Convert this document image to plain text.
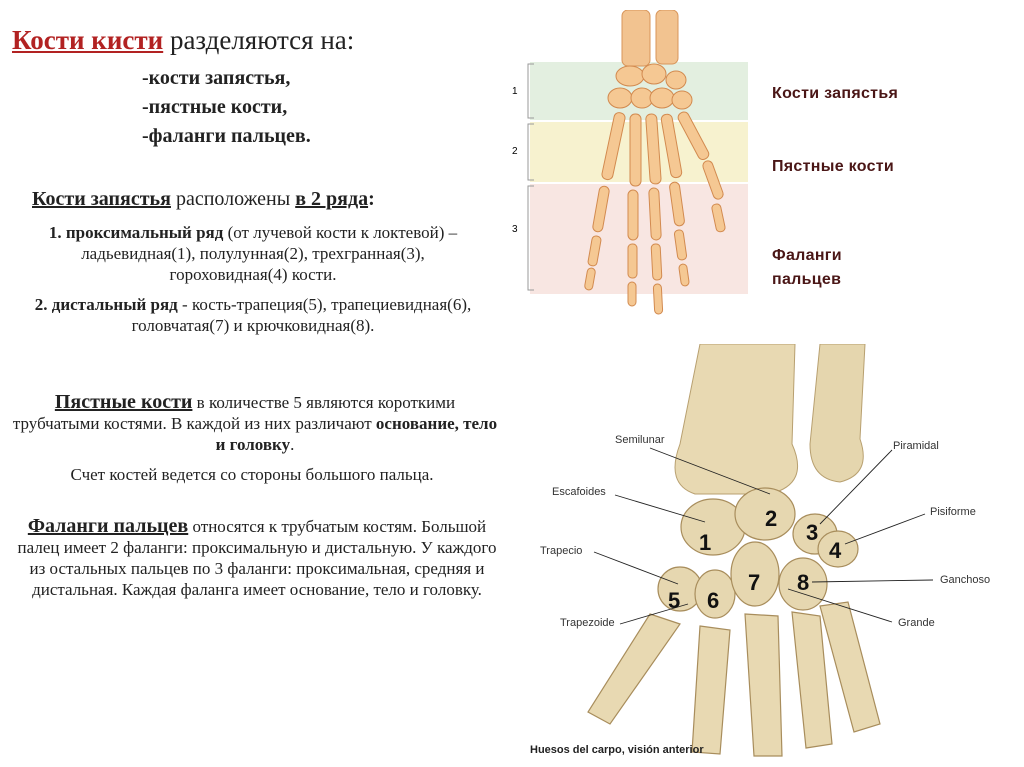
Кости кисти разделяются на:
-кости запястья,
-пястные кости,
-фаланги пальцев.
Кости запястья расположены в 2 ряда:
1. проксимальный ряд (от лучевой кости к локтевой) – ладьевидная(1), полулунная(2), трехгранная(3), гороховидная(4) кости.
2. дистальный ряд - кость-трапеция(5), трапециевидная(6), головчатая(7) и крючковидная(8).
Пястные кости в количестве 5 являются короткими трубчатыми костями. В каждой из них различают основание, тело и головку.
Счет костей ведется со стороны большого пальца.
Фаланги пальцев относятся к трубчатым костям. Большой палец имеет 2 фаланги: проксимальную и дистальную. У каждого из остальных пальцев по 3 фаланги: проксимальная, средняя и дистальная. Каждая фаланга имеет основание, тело и головку.
1
2
3
Кости запястья
Пястные кости
Фаланги пальцев
Semilunar	Piramidal
Escafoides
Pisiforme
Trapecio
Ganchoso
Trapezoide	Grande
1
2
3
4
5 6
7 8
Huesos del carpo, visión anterior
